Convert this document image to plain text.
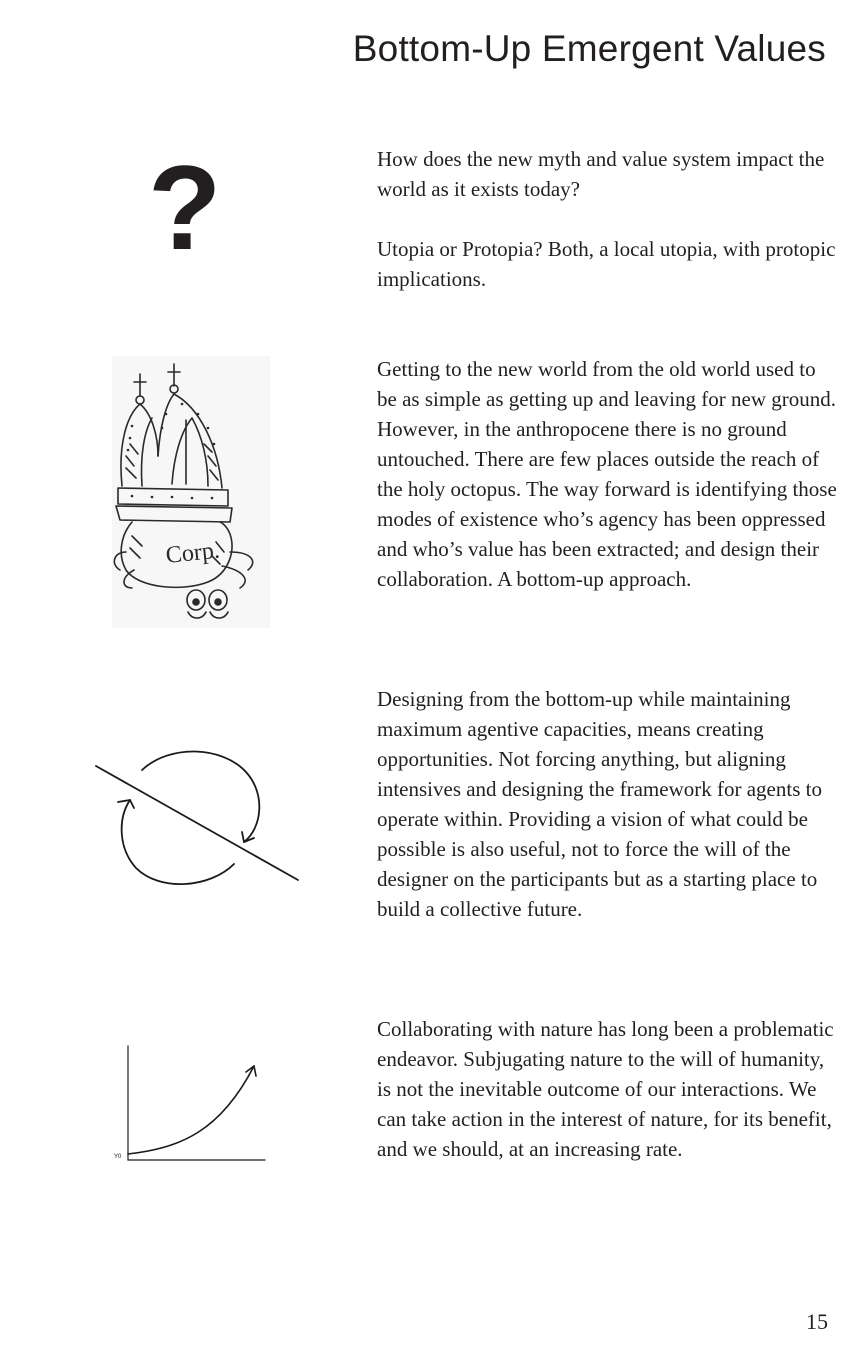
Bottom-Up Emergent Values
?	How does the new myth and value system impact the world as it exists today?

Utopia or Protopia? Both, a local utopia, with protopic implications.

Corp.

Getting to the new world from the old world used to be as simple as getting up and leaving for new ground. However, in the anthropocene there is no ground untouched. There are few places outside the reach of the holy octopus. The way forward is identifying those modes of existence who’s agency has been oppressed and who’s value has been extracted; and design their collaboration. A bottom-up approach.

Designing from the bottom-up while maintaining maximum agentive capacities, means creating opportunities. Not forcing anything, but aligning intensives and designing the framework for agents to operate within. Providing a vision of what could be possible is also useful, not to force the will of the designer on the participants but as a starting place to build a collective future.

Y0

Collaborating with nature has long been a problematic endeavor. Subjugating nature to the will of humanity, is not the inevitable outcome of our interactions. We can take action in the interest of nature, for its benefit, and we should, at an increasing rate.

15
